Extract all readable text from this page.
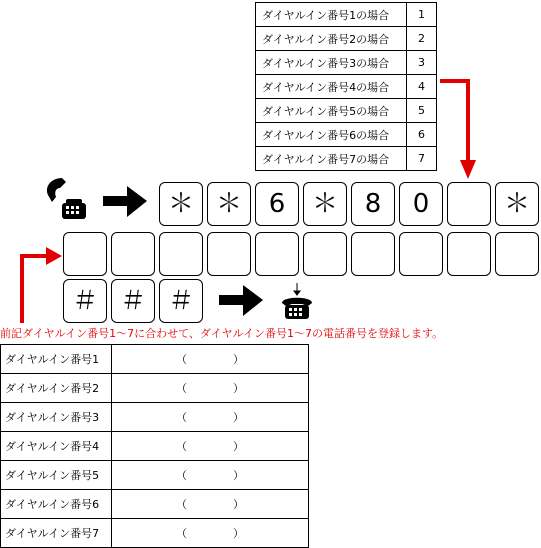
ダイヤルイン番号1の場合	1
ダイヤルイン番号2の場合	2
ダイヤルイン番号3の場合	3
ダイヤルイン番号4の場合	4
ダイヤルイン番号5の場合	5
ダイヤルイン番号6の場合	6
ダイヤルイン番号7の場合	7
＊ ＊	6	＊	8	0	＊
＃ ＃ ＃
前記ダイヤルイン番号1～7に合わせて、ダイヤルイン番号1～7の電話番号を登録します。
ダイヤルイン番号1	（ ）

ダイヤルイン番号2	（ ）

ダイヤルイン番号3	（ ）

ダイヤルイン番号4	（ ）

ダイヤルイン番号5	（ ）

ダイヤルイン番号6	（ ）

ダイヤルイン番号7	（ ）
